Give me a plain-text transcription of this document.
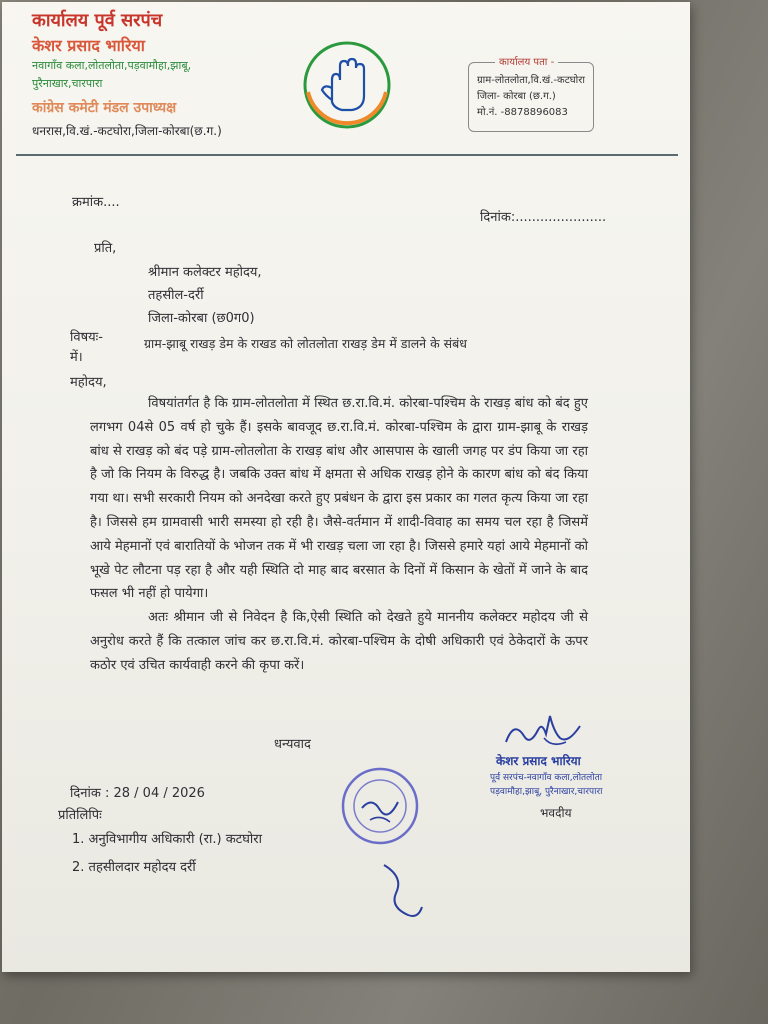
कार्यालय पूर्व सरपंच
केशर प्रसाद भारिया
नवागाँव कला,लोतलोता,पड़वामौहा,झाबू,
पुरैनाखार,चारपारा
कांग्रेस कमेटी मंडल उपाध्यक्ष
धनरास,वि.खं.-कटघोरा,जिला-कोरबा(छ.ग.)
कार्यालय पता -
ग्राम-लोतलोता,वि.खं.-कटघोरा
जिला- कोरबा (छ.ग.)
मो.नं. -8878896083
क्रमांक....
दिनांक:......................
प्रति,
श्रीमान कलेक्टर महोदय,
तहसील-दर्री
जिला-कोरबा (छ0ग0)
विषयः-
में।
ग्राम-झाबू राखड़ डेम के राखड को लोतलोता राखड़ डेम में डालने के संबंध
महोदय,

विषयांतर्गत है कि ग्राम-लोतलोता में स्थित छ.रा.वि.मं. कोरबा-पश्चिम के राखड़ बांध को बंद हुए लगभग 04से 05 वर्ष हो चुके हैं। इसके बावजूद छ.रा.वि.मं. कोरबा-पश्चिम के द्वारा ग्राम-झाबू के राखड़ बांध से राखड़ को बंद पड़े ग्राम-लोतलोता के राखड़ बांध और आसपास के खाली जगह पर डंप किया जा रहा है जो कि नियम के विरुद्ध है। जबकि उक्त बांध में क्षमता से अधिक राखड़ होने के कारण बांध को बंद किया गया था। सभी सरकारी नियम को अनदेखा करते हुए प्रबंधन के द्वारा इस प्रकार का गलत कृत्य किया जा रहा है। जिससे हम ग्रामवासी भारी समस्या हो रही है। जैसे-वर्तमान में शादी-विवाह का समय चल रहा है जिसमें आये मेहमानों एवं बारातियों के भोजन तक में भी राखड़ चला जा रहा है। जिससे हमारे यहां आये मेहमानों को भूखे पेट लौटना पड़ रहा है और यही स्थिति दो माह बाद बरसात के दिनों में किसान के खेतों में जाने के बाद फसल भी नहीं हो पायेगा।

अतः श्रीमान जी से निवेदन है कि,ऐसी स्थिति को देखते हुये माननीय कलेक्टर महोदय जी से अनुरोध करते हैं कि तत्काल जांच कर छ.रा.वि.मं. कोरबा-पश्चिम के दोषी अधिकारी एवं ठेकेदारों के ऊपर कठोर एवं उचित कार्यवाही करने की कृपा करें।

धन्यवाद
केशर प्रसाद भारिया
पूर्व सरपंच-नवागाँव कला,लोतलोता
पड़वामौहा,झाबू, पुरैनाखार,चारपारा
भवदीय
दिनांक : 28 / 04 / 2026
प्रतिलिपिः
1. अनुविभागीय अधिकारी (रा.) कटघोरा
2. तहसीलदार महोदय दर्री
